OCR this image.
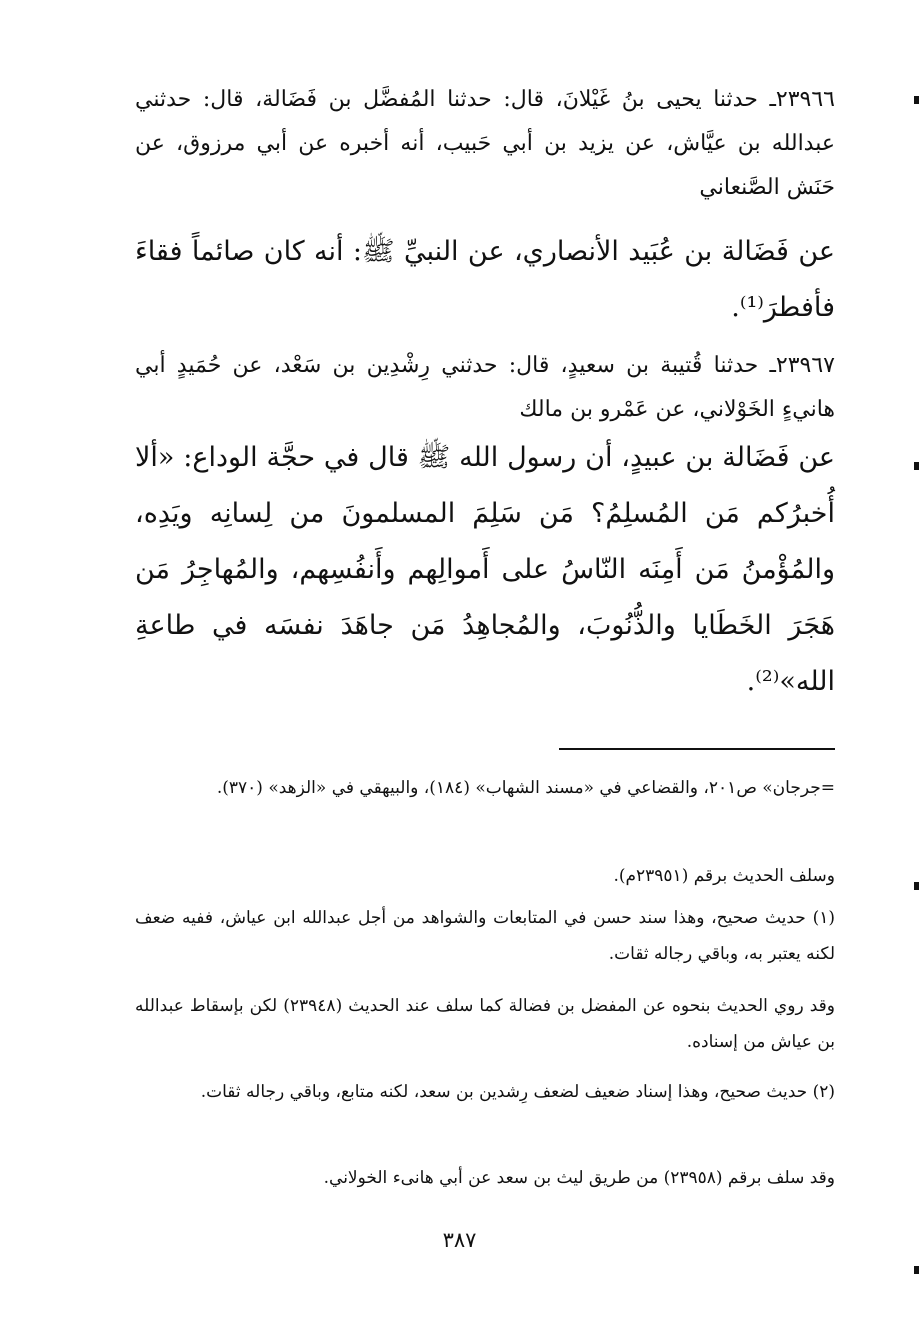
٢٣٩٦٦ـ حدثنا يحيى بنُ غَيْلانَ، قال: حدثنا المُفضَّل بن فَضَالة، قال: حدثني عبدالله بن عيَّاش، عن يزيد بن أبي حَبيب، أنه أخبره عن أبي مرزوق، عن حَنَش الصَّنعاني
عن فَضَالة بن عُبَيد الأنصاري، عن النبيِّ ﷺ: أنه كان صائماً فقاءَ فأفطرَ⁽¹⁾.
٢٣٩٦٧ـ حدثنا قُتيبة بن سعيدٍ، قال: حدثني رِشْدِين بن سَعْد، عن حُمَيدٍ أبي هانيءٍ الخَوْلاني، عن عَمْرو بن مالك
عن فَضَالة بن عبيدٍ، أن رسول الله ﷺ قال في حجَّة الوداع: «ألا أُخبرُكم مَن المُسلِمُ؟ مَن سَلِمَ المسلمونَ من لِسانِه ويَدِه، والمُؤْمنُ مَن أَمِنَه النّاسُ على أَموالِهم وأَنفُسِهم، والمُهاجِرُ مَن هَجَرَ الخَطَايا والذُّنُوبَ، والمُجاهِدُ مَن جاهَدَ نفسَه في طاعةِ الله»⁽²⁾.
=جرجان» ص٢٠١، والقضاعي في «مسند الشهاب» (١٨٤)، والبيهقي في «الزهد» (٣٧٠).
وسلف الحديث برقم (٢٣٩٥١م).
(١) حديث صحيح، وهذا سند حسن في المتابعات والشواهد من أجل عبدالله ابن عياش، ففيه ضعف لكنه يعتبر به، وباقي رجاله ثقات.
وقد روي الحديث بنحوه عن المفضل بن فضالة كما سلف عند الحديث (٢٣٩٤٨) لكن بإسقاط عبدالله بن عياش من إسناده.
(٢) حديث صحيح، وهذا إسناد ضعيف لضعف رِشدين بن سعد، لكنه متابع، وباقي رجاله ثقات.
وقد سلف برقم (٢٣٩٥٨) من طريق ليث بن سعد عن أبي هانىء الخولاني.
٣٨٧
